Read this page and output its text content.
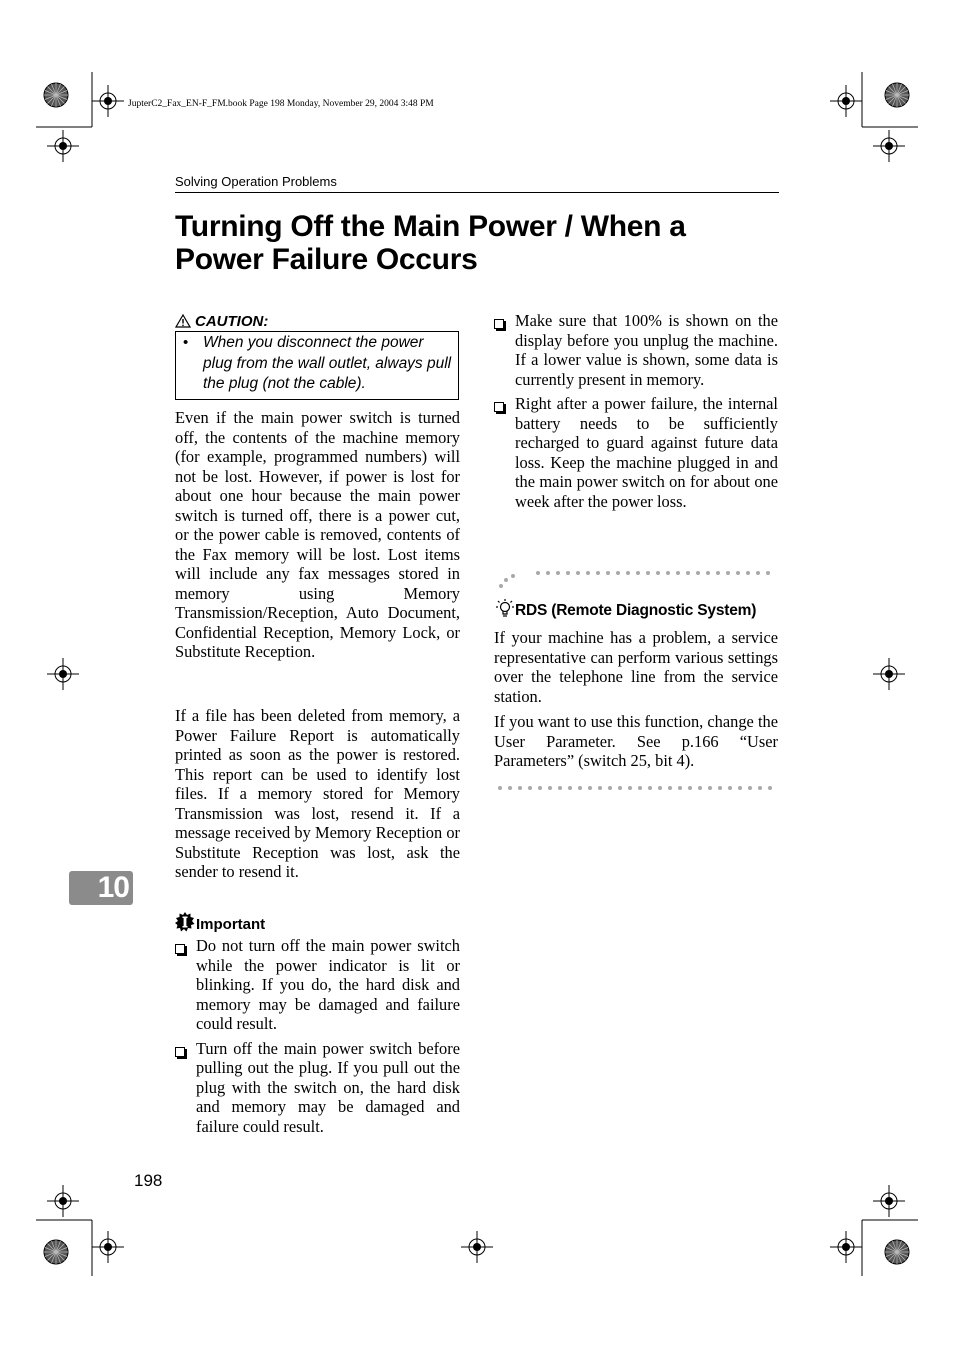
JupterC2_Fax_EN-F_FM.book Page 198 Monday, November 29, 2004 3:48 PM
Solving Operation Problems
Turning Off the Main Power / When a Power Failure Occurs
CAUTION:
• When you disconnect the power plug from the wall outlet, always pull the plug (not the cable).

Even if the main power switch is turned off, the contents of the machine memory (for example, programmed numbers) will not be lost. However, if power is lost for about one hour because the main power switch is turned off, there is a power cut, or the power cable is removed, contents of the Fax memory will be lost. Lost items will include any fax messages stored in memory using Memory Transmission/Reception, Auto Document, Confidential Reception, Memory Lock, or Substitute Reception.

If a file has been deleted from memory, a Power Failure Report is automatically printed as soon as the power is restored. This report can be used to identify lost files. If a memory stored for Memory Transmission was lost, resend it. If a message received by Memory Reception or Substitute Reception was lost, ask the sender to resend it.

Important
Do not turn off the main power switch while the power indicator is lit or blinking. If you do, the hard disk and memory may be damaged and failure could result.
Turn off the main power switch before pulling out the plug. If you pull out the plug with the switch on, the hard disk and memory may be damaged and failure could result.
Make sure that 100% is shown on the display before you unplug the machine. If a lower value is shown, some data is currently present in memory.
Right after a power failure, the internal battery needs to be sufficiently recharged to guard against future data loss. Keep the machine plugged in and the main power switch on for about one week after the power loss.
RDS (Remote Diagnostic System)

If your machine has a problem, a service representative can perform various settings over the telephone line from the service station.

If you want to use this function, change the User Parameter. See p.166 “User Parameters” (switch 25, bit 4).

10
198
